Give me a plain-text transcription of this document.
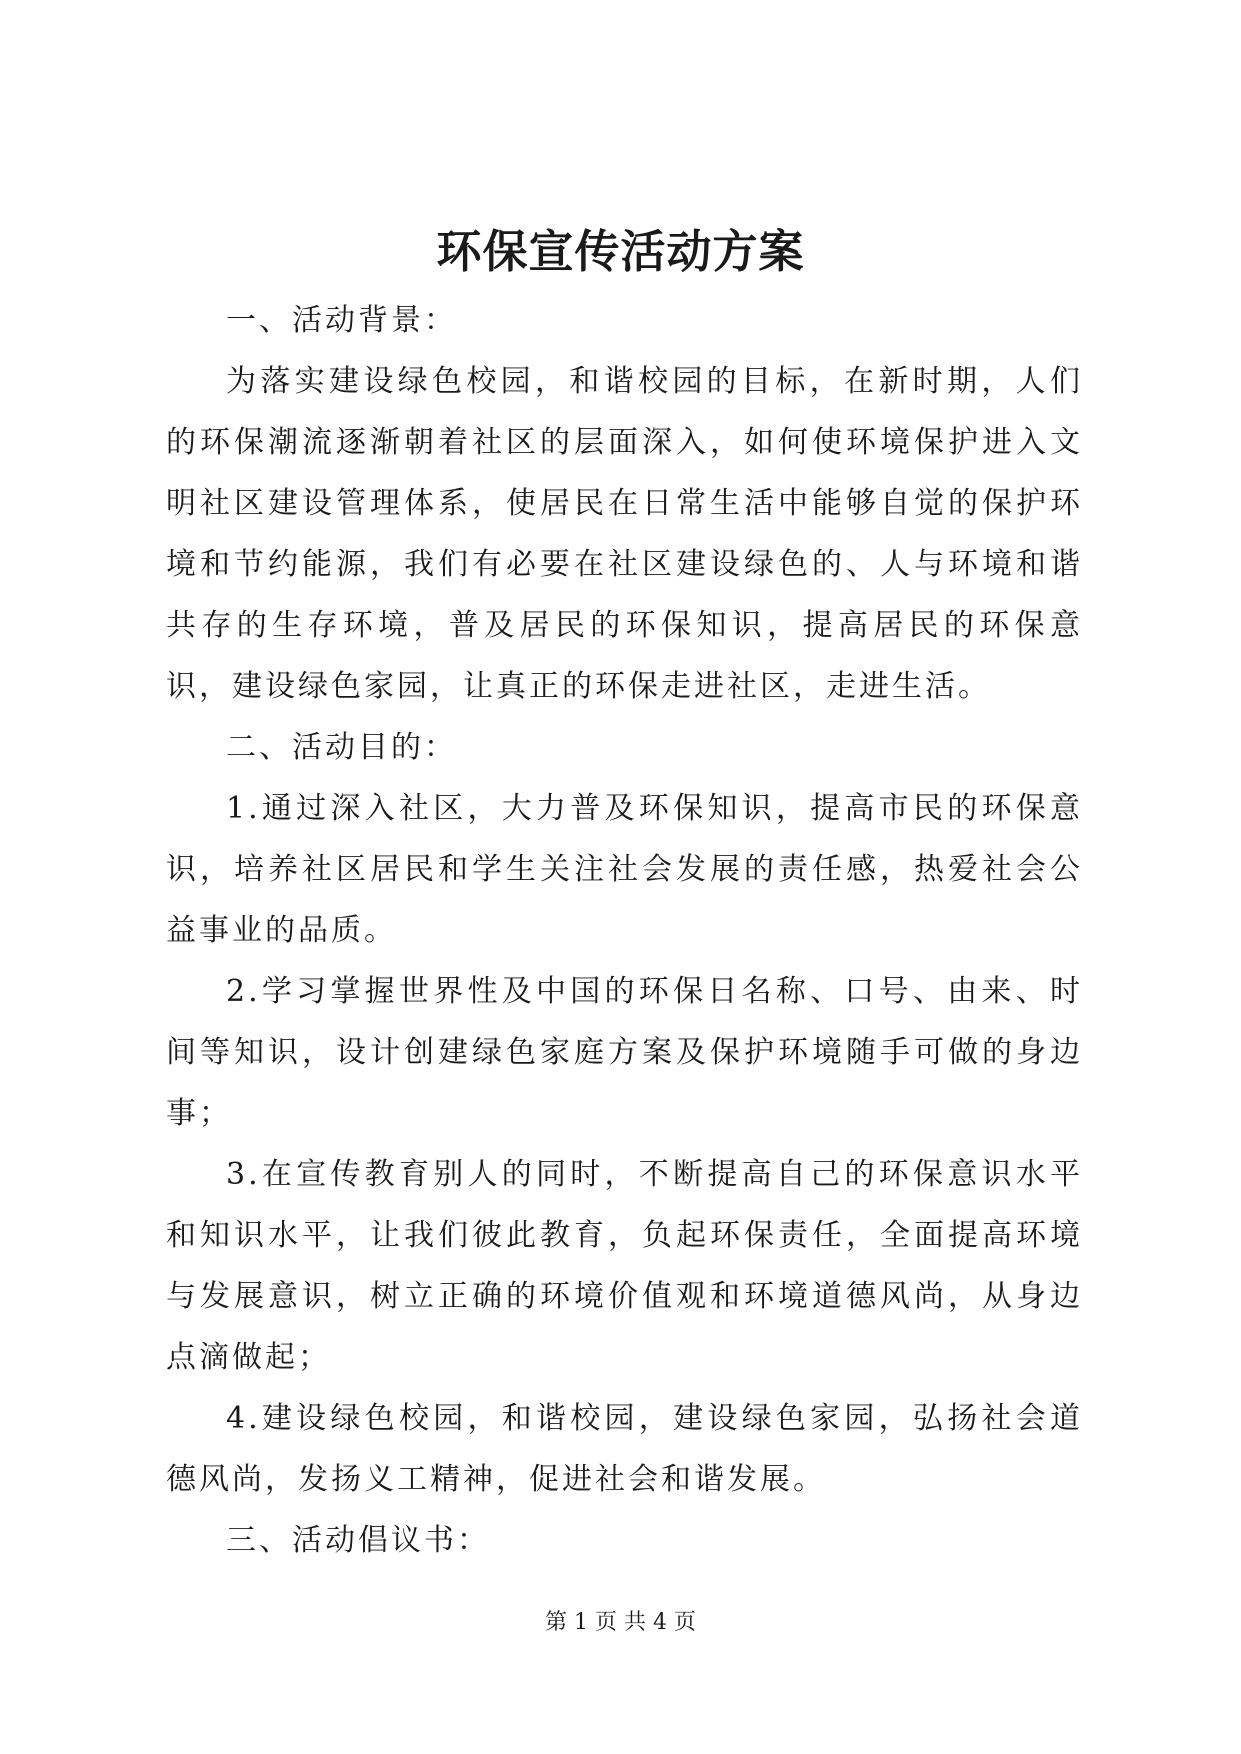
环保宣传活动方案

一、活动背景：

为落实建设绿色校园，和谐校园的目标，在新时期，人们的环保潮流逐渐朝着社区的层面深入，如何使环境保护进入文明社区建设管理体系，使居民在日常生活中能够自觉的保护环境和节约能源，我们有必要在社区建设绿色的、人与环境和谐共存的生存环境，普及居民的环保知识，提高居民的环保意识，建设绿色家园，让真正的环保走进社区，走进生活。

二、活动目的：

1.通过深入社区，大力普及环保知识，提高市民的环保意识，培养社区居民和学生关注社会发展的责任感，热爱社会公益事业的品质。

2.学习掌握世界性及中国的环保日名称、口号、由来、时间等知识，设计创建绿色家庭方案及保护环境随手可做的身边事；

3.在宣传教育别人的同时，不断提高自己的环保意识水平和知识水平，让我们彼此教育，负起环保责任，全面提高环境与发展意识，树立正确的环境价值观和环境道德风尚，从身边点滴做起；

4.建设绿色校园，和谐校园，建设绿色家园，弘扬社会道德风尚，发扬义工精神，促进社会和谐发展。

三、活动倡议书：

第 1 页 共 4 页
